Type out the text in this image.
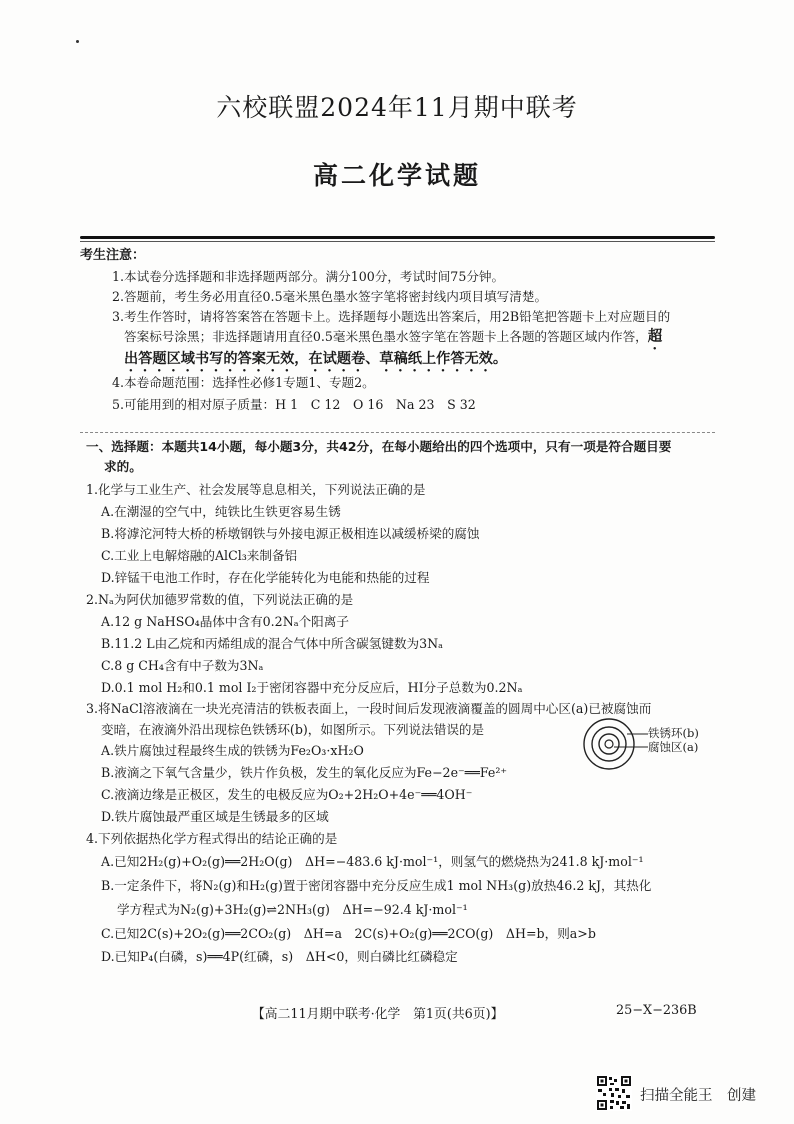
六校联盟2024年11月期中联考
高二化学试题
考生注意：
1.本试卷分选择题和非选择题两部分。满分100分，考试时间75分钟。
2.答题前，考生务必用直径0.5毫米黑色墨水签字笔将密封线内项目填写清楚。
3.考生作答时，请将答案答在答题卡上。选择题每小题选出答案后，用2B铅笔把答题卡上对应题目的
答案标号涂黑；非选择题请用直径0.5毫米黑色墨水签字笔在答题卡上各题的答题区域内作答，超
出答题区域书写的答案无效，在试题卷、草稿纸上作答无效。
4.本卷命题范围：选择性必修1专题1、专题2。
5.可能用到的相对原子质量：H 1　C 12　O 16　Na 23　S 32
一、选择题：本题共14小题，每小题3分，共42分，在每小题给出的四个选项中，只有一项是符合题目要
求的。
1.化学与工业生产、社会发展等息息相关，下列说法正确的是
A.在潮湿的空气中，纯铁比生铁更容易生锈
B.将滹沱河特大桥的桥墩钢铁与外接电源正极相连以减缓桥梁的腐蚀
C.工业上电解熔融的AlCl₃来制备铝
D.锌锰干电池工作时，存在化学能转化为电能和热能的过程
2.Nₐ为阿伏加德罗常数的值，下列说法正确的是
A.12 g NaHSO₄晶体中含有0.2Nₐ个阳离子
B.11.2 L由乙烷和丙烯组成的混合气体中所含碳氢键数为3Nₐ
C.8 g CH₄含有中子数为3Nₐ
D.0.1 mol H₂和0.1 mol I₂于密闭容器中充分反应后，HI分子总数为0.2Nₐ
3.将NaCl溶液滴在一块光亮清洁的铁板表面上，一段时间后发现液滴覆盖的圆周中心区(a)已被腐蚀而
变暗，在液滴外沿出现棕色铁锈环(b)，如图所示。下列说法错误的是
A.铁片腐蚀过程最终生成的铁锈为Fe₂O₃·xH₂O
B.液滴之下氧气含量少，铁片作负极，发生的氧化反应为Fe−2e⁻══Fe²⁺
C.液滴边缘是正极区，发生的电极反应为O₂+2H₂O+4e⁻══4OH⁻
D.铁片腐蚀最严重区域是生锈最多的区域
铁锈环(b)
腐蚀区(a)
4.下列依据热化学方程式得出的结论正确的是
A.已知2H₂(g)+O₂(g)══2H₂O(g)　ΔH=−483.6 kJ·mol⁻¹，则氢气的燃烧热为241.8 kJ·mol⁻¹
B.一定条件下，将N₂(g)和H₂(g)置于密闭容器中充分反应生成1 mol NH₃(g)放热46.2 kJ，其热化
学方程式为N₂(g)+3H₂(g)⇌2NH₃(g)　ΔH=−92.4 kJ·mol⁻¹
C.已知2C(s)+2O₂(g)══2CO₂(g)　ΔH=a　2C(s)+O₂(g)══2CO(g)　ΔH=b，则a>b
D.已知P₄(白磷，s)══4P(红磷，s)　ΔH<0，则白磷比红磷稳定
【高二11月期中联考·化学　第1页(共6页)】	25−X−236B
扫描全能王　创建
